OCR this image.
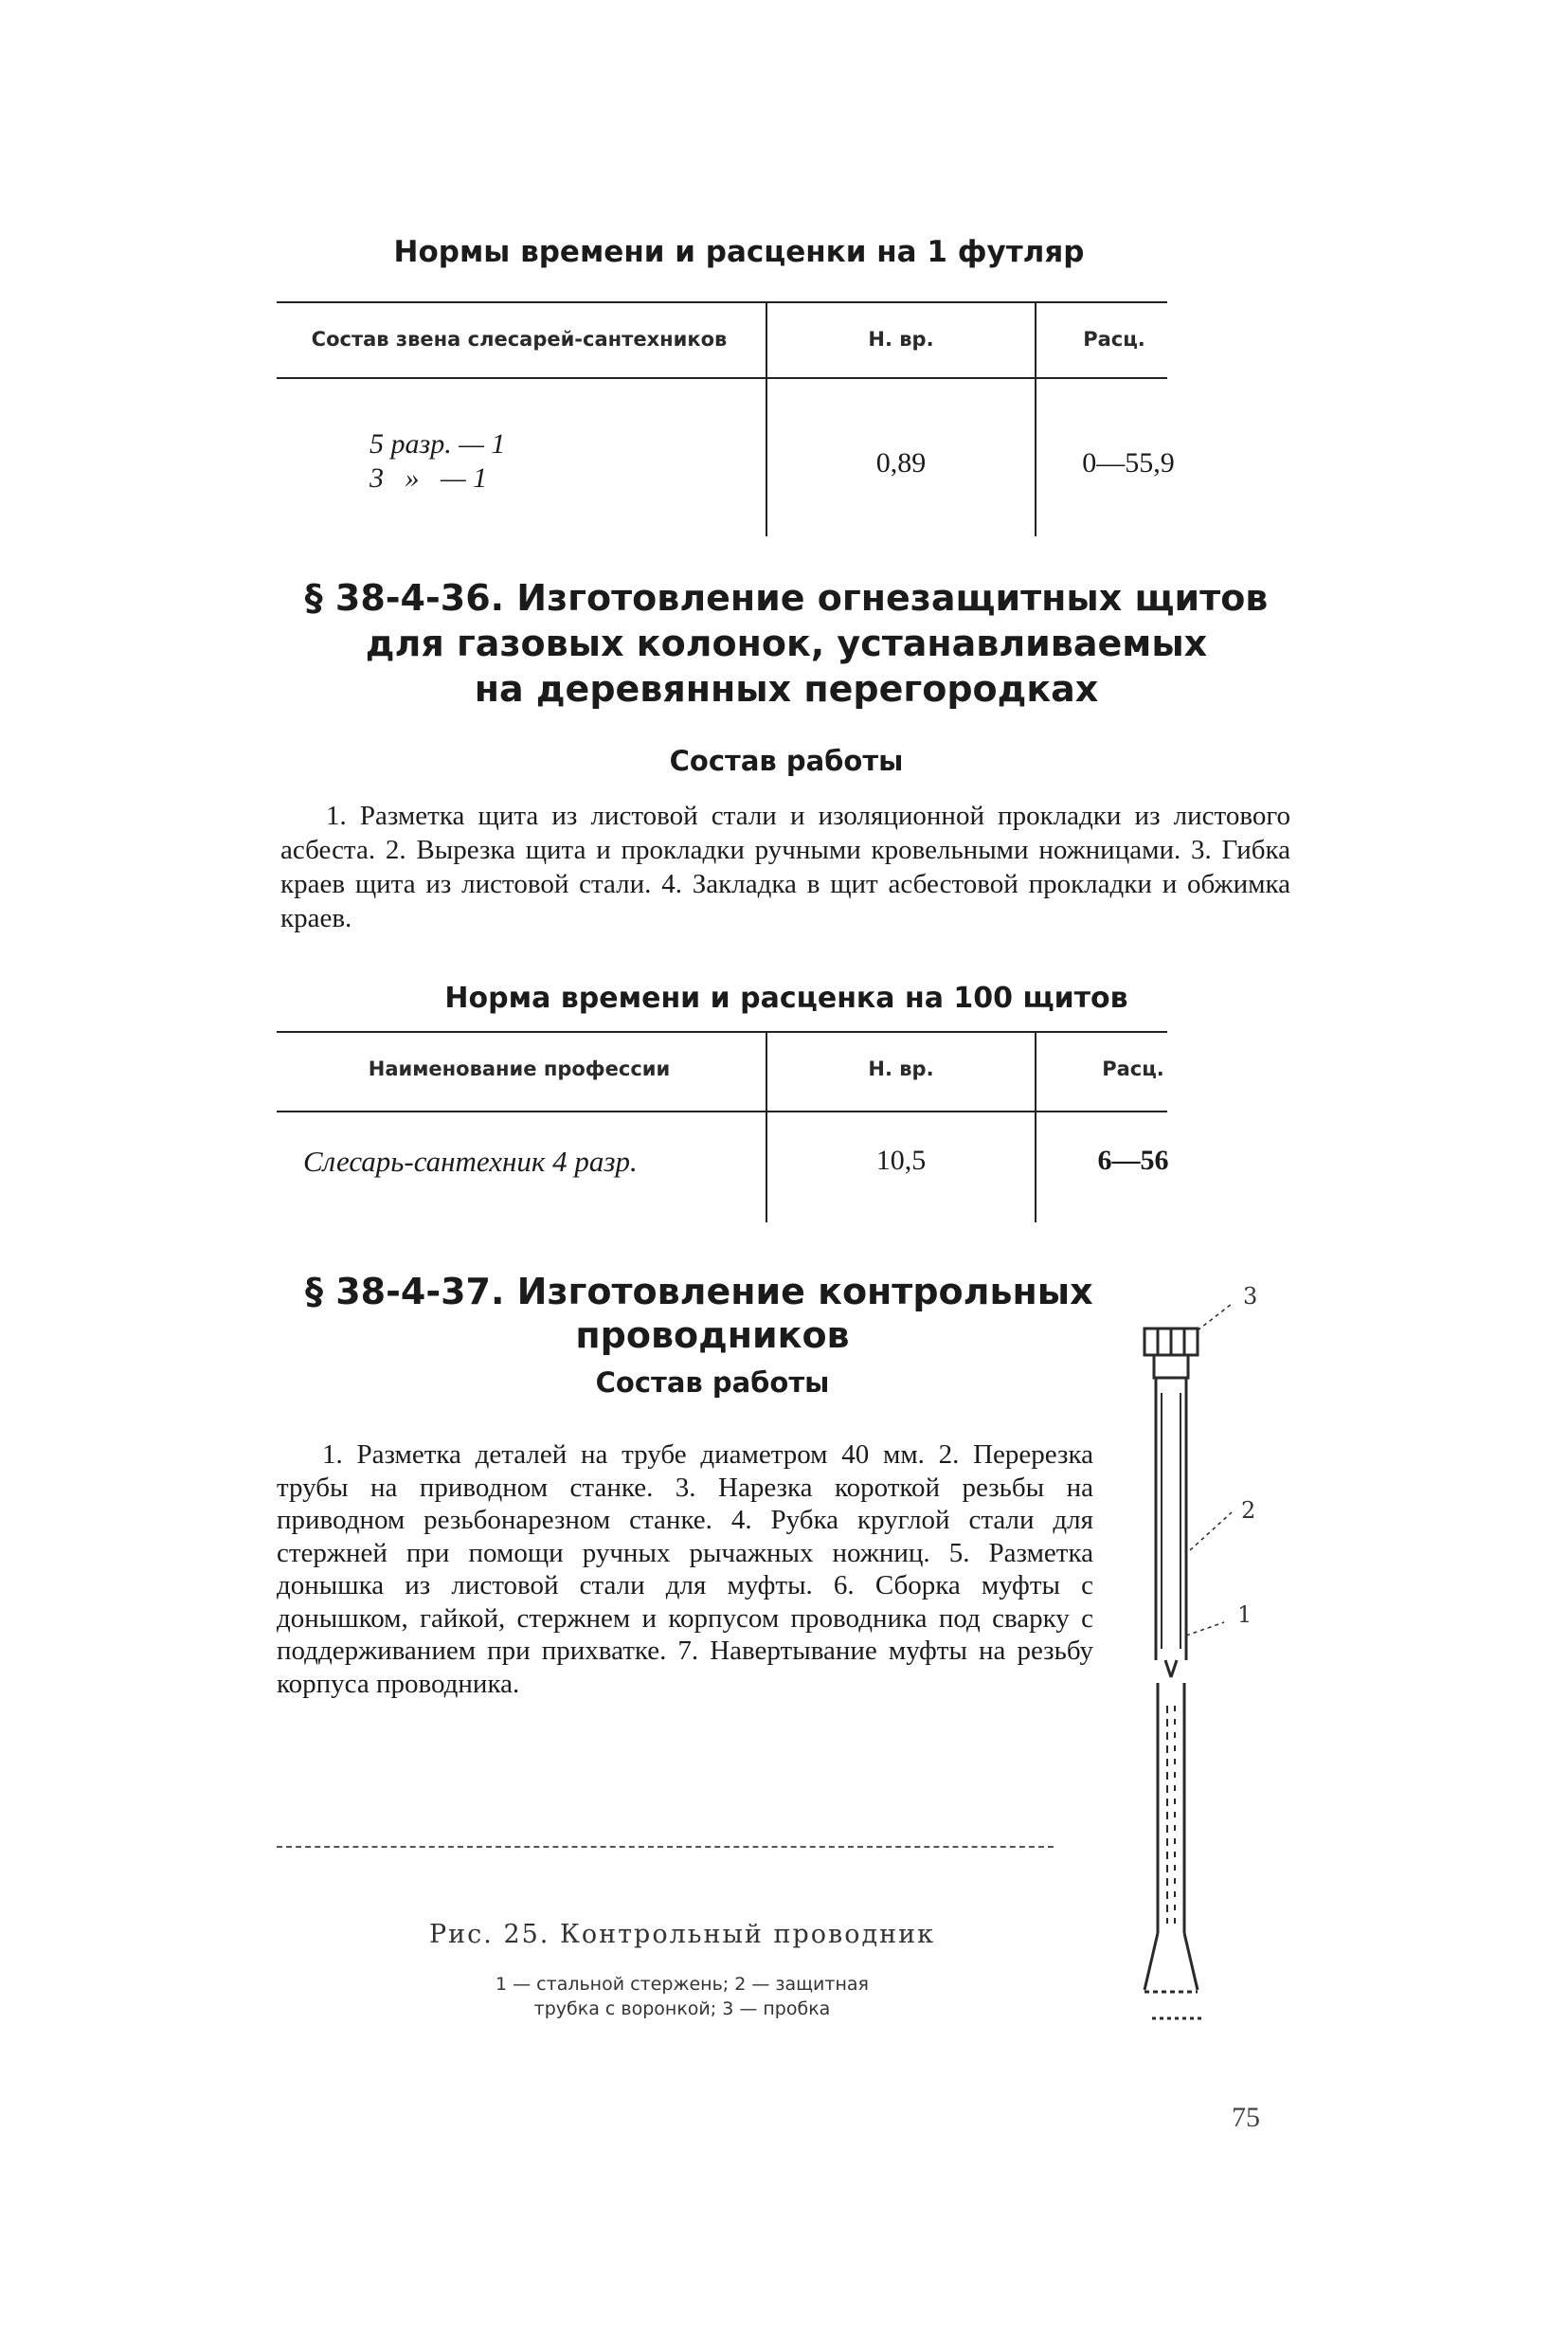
Нормы времени и расценки на 1 футляр
Состав звена слесарей-сантехников	Н. вр.	Расц.
5 разр. — 1
3   »   — 1	0,89	0—55,9
§ 38-4-36. Изготовление огнезащитных щитов
для газовых колонок, устанавливаемых
на деревянных перегородках
Состав работы

1. Разметка щита из листовой стали и изоляционной прокладки из листового асбеста. 2. Вырезка щита и прокладки ручными кровельными ножницами. 3. Гибка краев щита из листовой стали. 4. Закладка в щит асбестовой прокладки и обжимка краев.

Норма времени и расценка на 100 щитов
Наименование профессии	Н. вр.	Расц.
Слесарь-сантехник 4 разр.	10,5	6—56
§ 38-4-37. Изготовление контрольных
проводников
Состав работы

1. Разметка деталей на трубе диаметром 40 мм. 2. Перерезка трубы на приводном станке. 3. Нарезка короткой резьбы на приводном резьбонарезном станке. 4. Рубка круглой стали для стержней при помощи ручных рычажных ножниц. 5. Разметка донышка из листовой стали для муфты. 6. Сборка муфты с донышком, гайкой, стержнем и корпусом проводника под сварку с поддерживанием при прихватке. 7. Навертывание муфты на резьбу корпуса проводника.

Рис. 25. Контрольный проводник
1 — стальной стержень; 2 — защитная
трубка с воронкой; 3 — пробка
3
2
1
75
